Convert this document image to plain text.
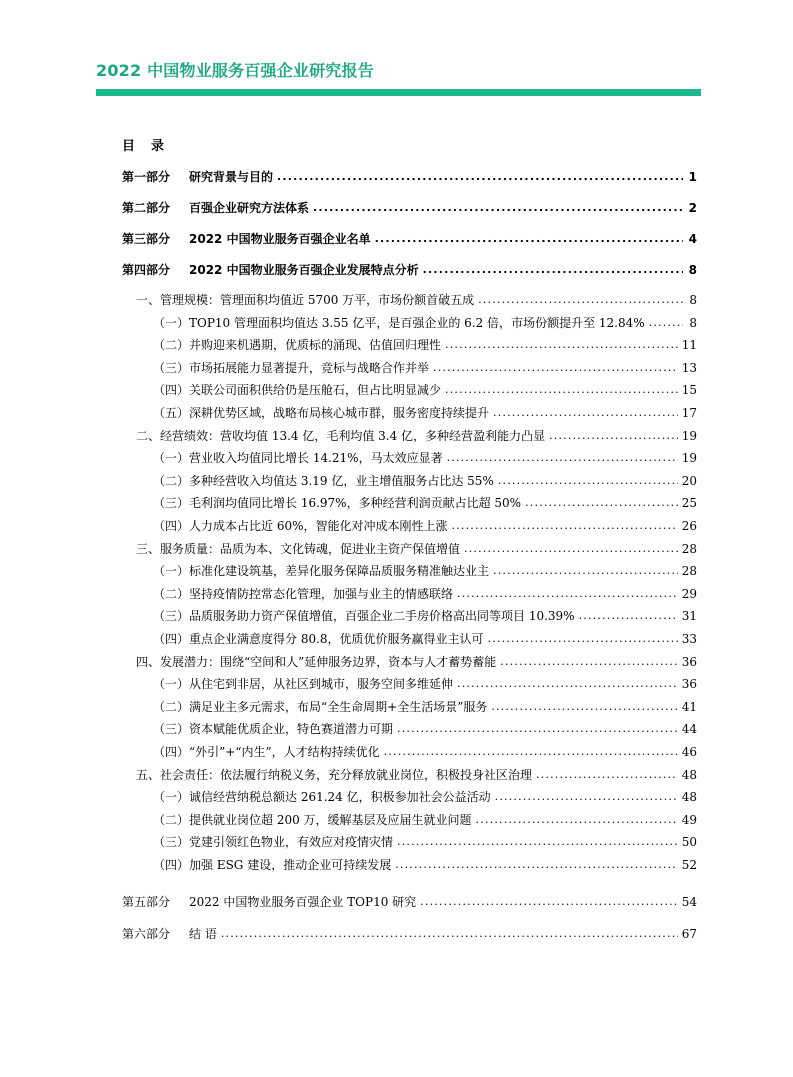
2022 中国物业服务百强企业研究报告
目 录
第一部分	研究背景与目的 .....	1
第二部分	百强企业研究方法体系 .....	2
第三部分	2022 中国物业服务百强企业名单 .....	4
第四部分	2022 中国物业服务百强企业发展特点分析 .....	8
一、管理规模：管理面积均值近 5700 万平，市场份额首破五成 .....	8
（一）TOP10 管理面积均值达 3.55 亿平，是百强企业的 6.2 倍，市场份额提升至 12.84% .....	8
（二）并购迎来机遇期，优质标的涌现、估值回归理性 .....	11
（三）市场拓展能力显著提升，竞标与战略合作并举 .....	13
（四）关联公司面积供给仍是压舱石，但占比明显减少 .....	15
（五）深耕优势区域，战略布局核心城市群，服务密度持续提升 .....	17
二、经营绩效：营收均值 13.4 亿，毛利均值 3.4 亿，多种经营盈利能力凸显 .....	19
（一）营业收入均值同比增长 14.21%，马太效应显著 .....	19
（二）多种经营收入均值达 3.19 亿，业主增值服务占比达 55% .....	20
（三）毛利润均值同比增长 16.97%，多种经营利润贡献占比超 50% .....	25
（四）人力成本占比近 60%，智能化对冲成本刚性上涨 .....	26
三、服务质量：品质为本、文化铸魂，促进业主资产保值增值 .....	28
（一）标准化建设筑基，差异化服务保障品质服务精准触达业主 .....	28
（二）坚持疫情防控常态化管理，加强与业主的情感联络 .....	29
（三）品质服务助力资产保值增值，百强企业二手房价格高出同等项目 10.39% .....	31
（四）重点企业满意度得分 80.8，优质优价服务赢得业主认可 .....	33
四、发展潜力：围绕“空间和人”延伸服务边界，资本与人才蓄势蓄能 .....	36
（一）从住宅到非居，从社区到城市，服务空间多维延伸 .....	36
（二）满足业主多元需求，布局“全生命周期+全生活场景”服务 .....	41
（三）资本赋能优质企业，特色赛道潜力可期 .....	44
（四）“外引”+“内生”，人才结构持续优化 .....	46
五、社会责任：依法履行纳税义务，充分释放就业岗位，积极投身社区治理 .....	48
（一）诚信经营纳税总额达 261.24 亿，积极参加社会公益活动 .....	48
（二）提供就业岗位超 200 万，缓解基层及应届生就业问题 .....	49
（三）党建引领红色物业，有效应对疫情灾情 .....	50
（四）加强 ESG 建设，推动企业可持续发展 .....	52
第五部分	2022 中国物业服务百强企业 TOP10 研究 .....	54
第六部分	结 语 .....	67
